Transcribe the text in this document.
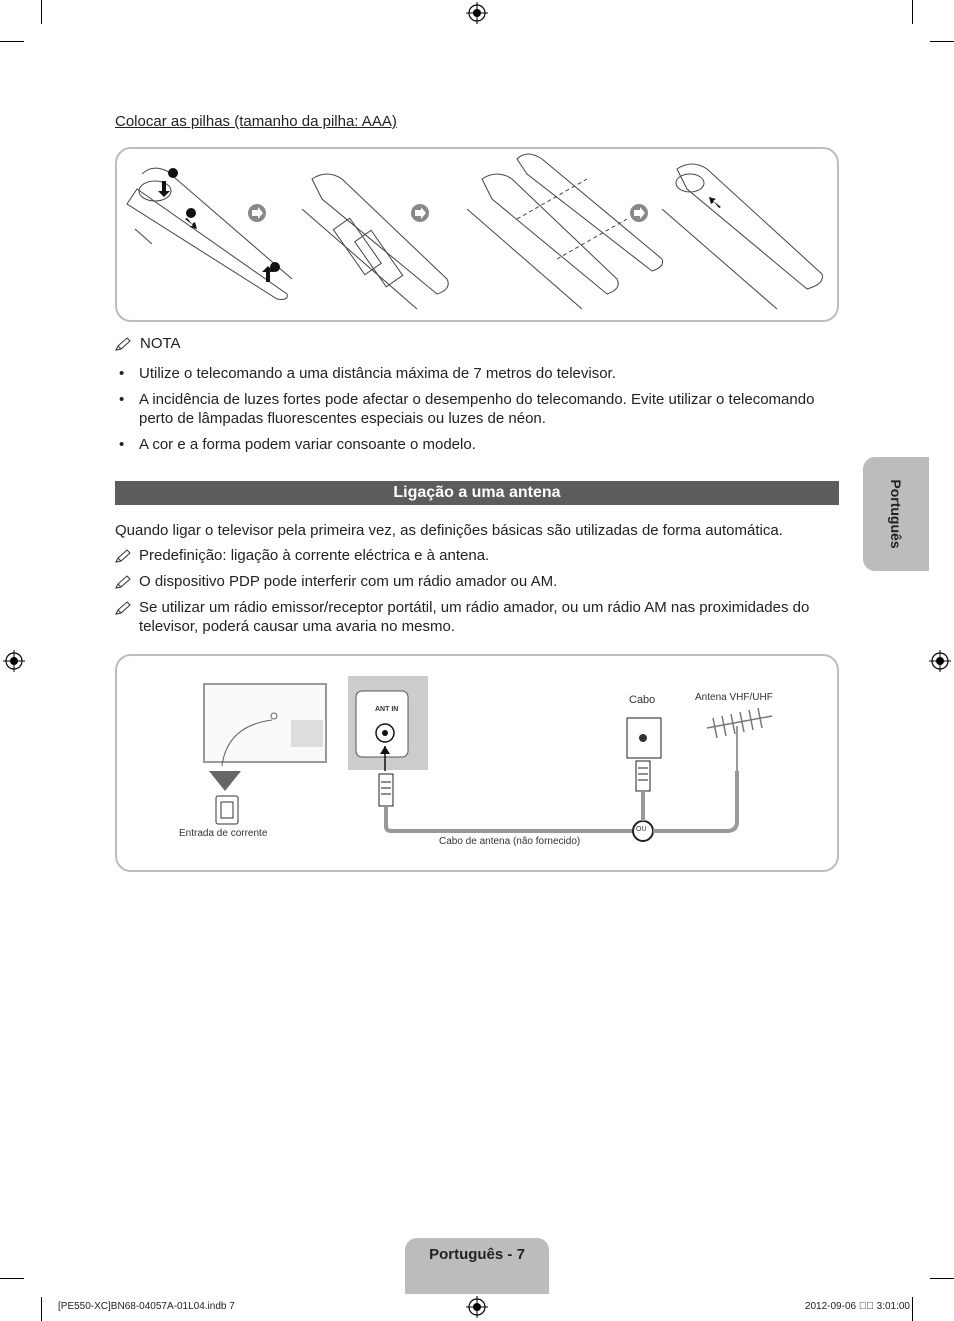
Colocar as pilhas (tamanho da pilha: AAA)
NOTA
• Utilize o telecomando a uma distância máxima de 7 metros do televisor.
• A incidência de luzes fortes pode afectar o desempenho do telecomando. Evite utilizar o telecomando perto de lâmpadas fluorescentes especiais ou luzes de néon.
• A cor e a forma podem variar consoante o modelo.
Ligação a uma antena
Quando ligar o televisor pela primeira vez, as definições básicas são utilizadas de forma automática.
Predefinição: ligação à corrente eléctrica e à antena.
O dispositivo PDP pode interferir com um rádio amador ou AM.
Se utilizar um rádio emissor/receptor portátil, um rádio amador, ou um rádio AM nas proximidades do televisor, poderá causar uma avaria no mesmo.
Entrada de corrente
ANT IN
Cabo	Antena VHF/UHF
OU
Cabo de antena (não fornecido)
Português
Português - 7
[PE550-XC]BN68-04057A-01L04.indb 7	2012-09-06 ￿￿ 3:01:00
